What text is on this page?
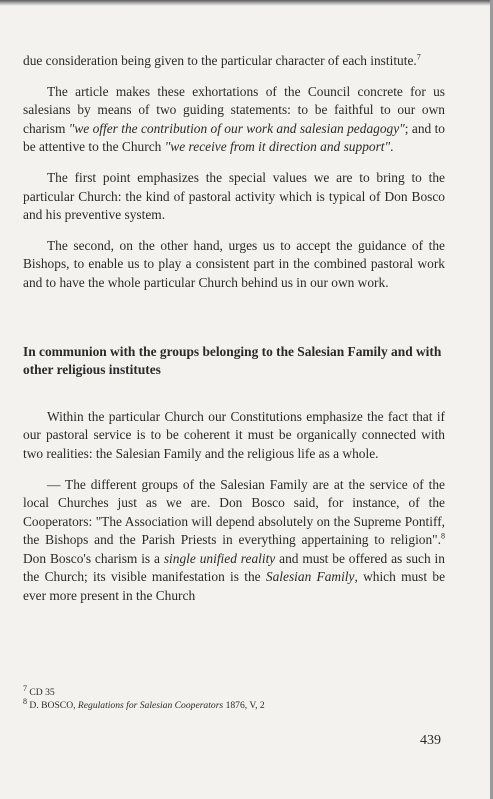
due consideration being given to the particular character of each institute.$^7$

The article makes these exhortations of the Council concrete for us salesians by means of two guiding statements: to be faithful to our own charism "we offer the contribution of our work and salesian pedagogy"; and to be attentive to the Church "we receive from it direction and support".

The first point emphasizes the special values we are to bring to the particular Church: the kind of pastoral activity which is typical of Don Bosco and his preventive system.

The second, on the other hand, urges us to accept the guidance of the Bishops, to enable us to play a consistent part in the combined pastoral work and to have the whole particular Church behind us in our own work.

In communion with the groups belonging to the Salesian Family and with other religious institutes

Within the particular Church our Constitutions emphasize the fact that if our pastoral service is to be coherent it must be organically connected with two realities: the Salesian Family and the religious life as a whole.

— The different groups of the Salesian Family are at the service of the local Churches just as we are. Don Bosco said, for instance, of the Cooperators: "The Association will depend absolutely on the Supreme Pontiff, the Bishops and the Parish Priests in everything appertaining to religion".$^8$ Don Bosco's charism is a single unified reality and must be offered as such in the Church; its visible manifestation is the Salesian Family, which must be ever more present in the Church

$^7$ CD 35
$^8$ D. BOSCO, Regulations for Salesian Cooperators 1876, V, 2
439
